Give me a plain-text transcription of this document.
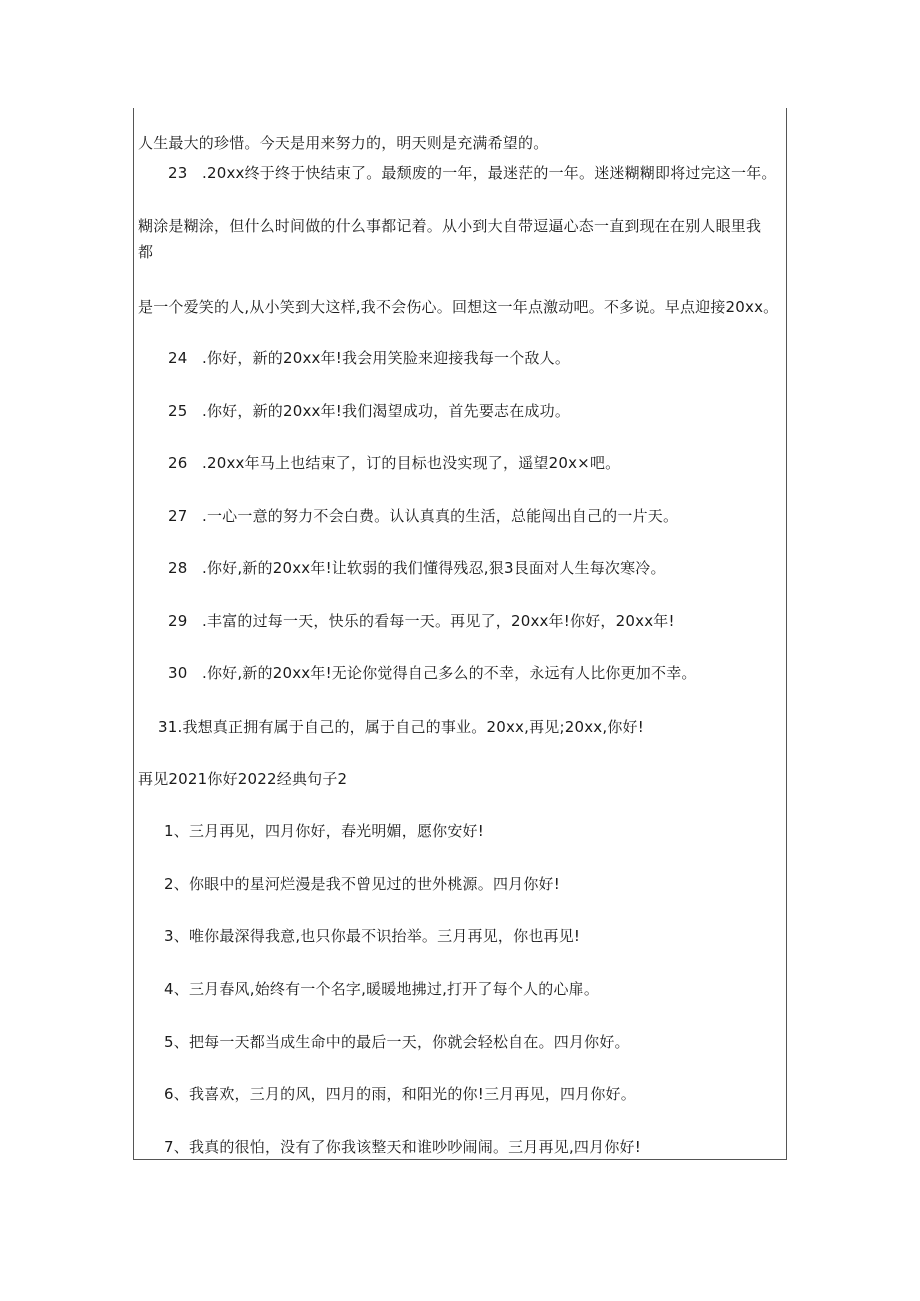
人生最大的珍惜。今天是用来努力的，明天则是充满希望的。
23 .20xx终于终于快结束了。最颓废的一年，最迷茫的一年。迷迷糊糊即将过完这一年。
糊涂是糊涂，但什么时间做的什么事都记着。从小到大自带逗逼心态一直到现在在别人眼里我
都
是一个爱笑的人,从小笑到大这样,我不会伤心。回想这一年点激动吧。不多说。早点迎接20xx。
24 .你好，新的20xx年!我会用笑脸来迎接我每一个敌人。
25 .你好，新的20xx年!我们渴望成功，首先要志在成功。
26 .20xx年马上也结束了，订的目标也没实现了，遥望20x×吧。
27 .一心一意的努力不会白费。认认真真的生活，总能闯出自己的一片天。
28 .你好,新的20xx年!让软弱的我们懂得残忍,狠3艮面对人生每次寒冷。
29 .丰富的过每一天，快乐的看每一天。再见了，20xx年!你好，20xx年!
30 .你好,新的20xx年!无论你觉得自己多么的不幸，永远有人比你更加不幸。
31.我想真正拥有属于自己的，属于自己的事业。20xx,再见;20xx,你好!
再见2021你好2022经典句子2
1、三月再见，四月你好，春光明媚，愿你安好!
2、你眼中的星河烂漫是我不曾见过的世外桃源。四月你好!
3、唯你最深得我意,也只你最不识抬举。三月再见，你也再见!
4、三月春风,始终有一个名字,暖暖地拂过,打开了每个人的心扉。
5、把每一天都当成生命中的最后一天，你就会轻松自在。四月你好。
6、我喜欢，三月的风，四月的雨，和阳光的你!三月再见，四月你好。
7、我真的很怕，没有了你我该整天和谁吵吵闹闹。三月再见,四月你好!
